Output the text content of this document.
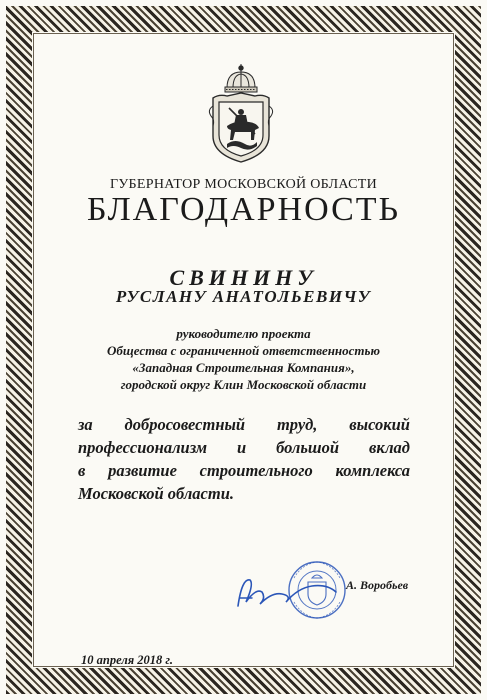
ГУБЕРНАТОР МОСКОВСКОЙ ОБЛАСТИ
БЛАГОДАРНОСТЬ
СВИНИНУ
РУСЛАНУ АНАТОЛЬЕВИЧУ
руководителю проекта
Общества с ограниченной ответственностью
«Западная Строительная Компания»,
городской округ Клин Московской области
за добросовестный труд, высокий
профессионализм и большой вклад
в развитие строительного комплекса
Московской области.
А. Воробьев
10 апреля 2018 г.
